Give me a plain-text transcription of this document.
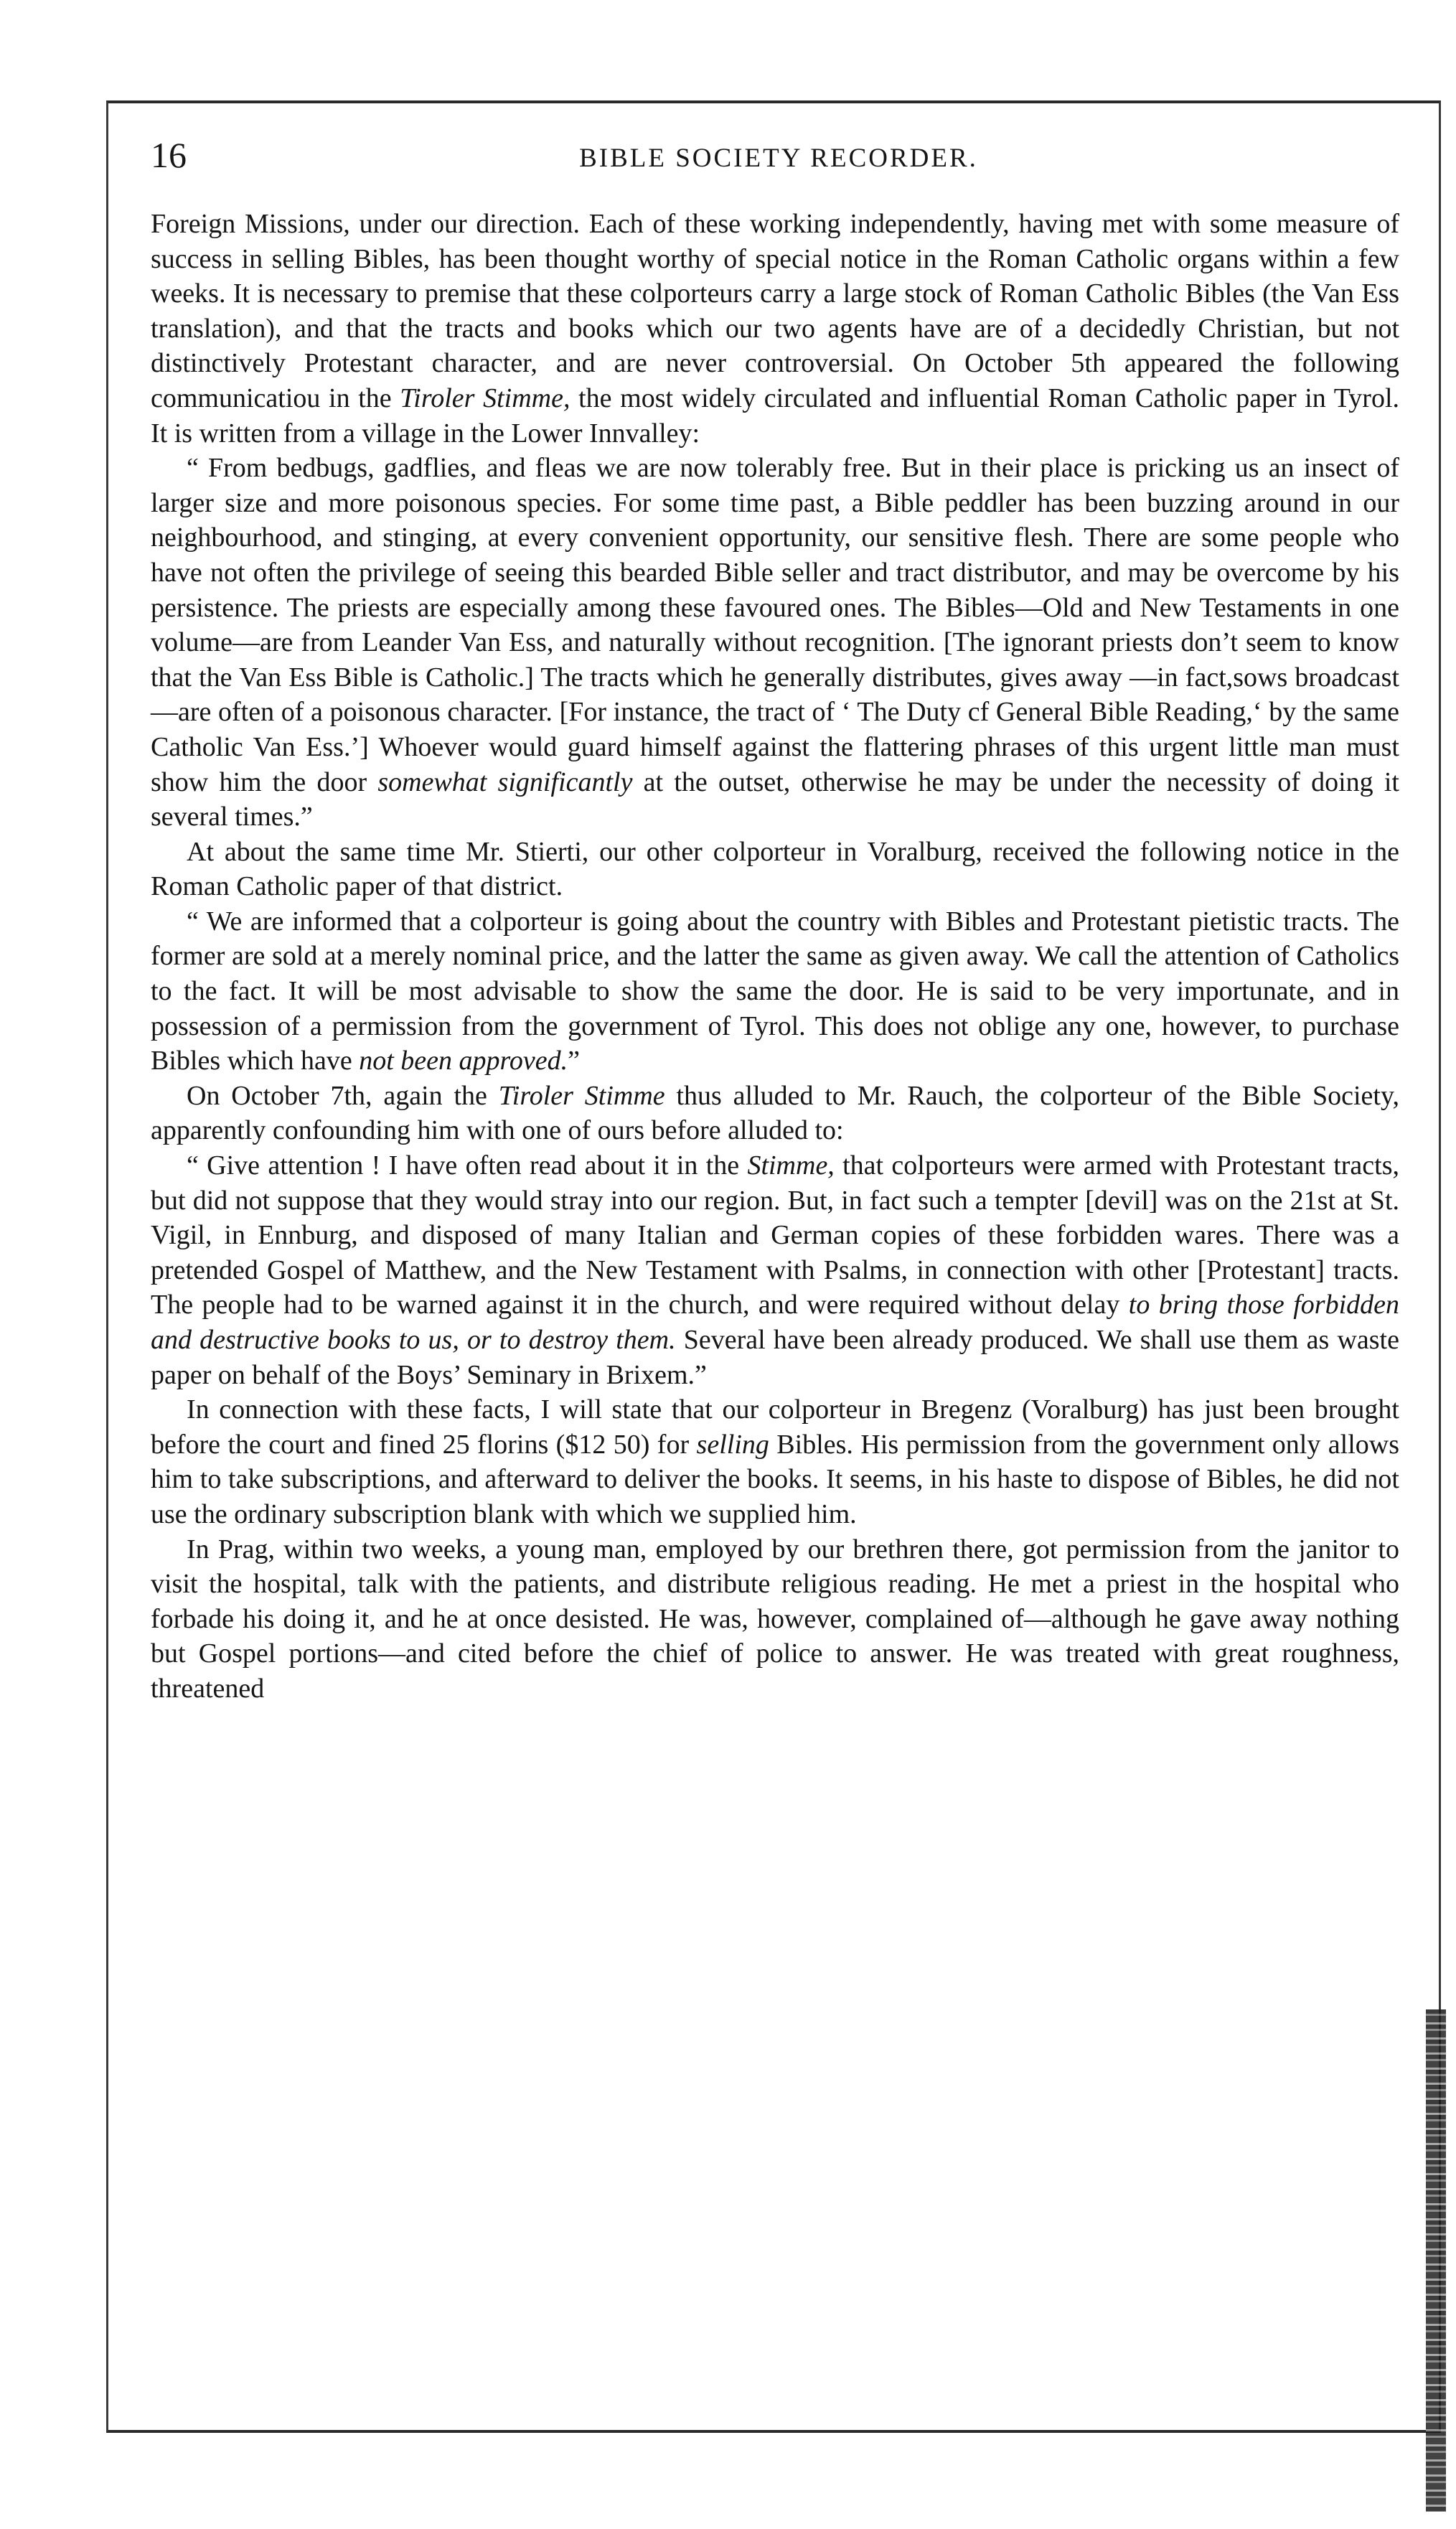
16	BIBLE SOCIETY RECORDER.

Foreign Missions, under our direction. Each of these working independently, having met with some measure of success in selling Bibles, has been thought worthy of special notice in the Roman Catholic organs within a few weeks. It is necessary to premise that these colporteurs carry a large stock of Roman Catholic Bibles (the Van Ess translation), and that the tracts and books which our two agents have are of a decidedly Christian, but not distinctively Protestant character, and are never controversial. On October 5th appeared the following communicatiou in the Tiroler Stimme, the most widely circulated and influential Roman Catholic paper in Tyrol. It is written from a village in the Lower Innvalley:

“ From bedbugs, gadflies, and fleas we are now tolerably free. But in their place is pricking us an insect of larger size and more poisonous species. For some time past, a Bible peddler has been buzzing around in our neighbourhood, and stinging, at every convenient opportunity, our sensitive flesh. There are some people who have not often the privilege of seeing this bearded Bible seller and tract distributor, and may be overcome by his persistence. The priests are especially among these favoured ones. The Bibles—Old and New Testaments in one volume—are from Leander Van Ess, and naturally without recognition. [The ignorant priests don’t seem to know that the Van Ess Bible is Catholic.] The tracts which he generally distributes, gives away —in fact,sows broadcast—are often of a poisonous character. [For instance, the tract of ‘ The Duty cf General Bible Reading,‘ by the same Catholic Van Ess.’] Whoever would guard himself against the flattering phrases of this urgent little man must show him the door somewhat significantly at the outset, otherwise he may be under the necessity of doing it several times.”

At about the same time Mr. Stierti, our other colporteur in Voralburg, received the following notice in the Roman Catholic paper of that district.

“ We are informed that a colporteur is going about the country with Bibles and Protestant pietistic tracts. The former are sold at a merely nominal price, and the latter the same as given away. We call the attention of Catholics to the fact. It will be most advisable to show the same the door. He is said to be very importunate, and in possession of a permission from the government of Tyrol. This does not oblige any one, however, to purchase Bibles which have not been approved.”

On October 7th, again the Tiroler Stimme thus alluded to Mr. Rauch, the colporteur of the Bible Society, apparently confounding him with one of ours before alluded to:

“ Give attention ! I have often read about it in the Stimme, that colporteurs were armed with Protestant tracts, but did not suppose that they would stray into our region. But, in fact such a tempter [devil] was on the 21st at St. Vigil, in Ennburg, and disposed of many Italian and German copies of these forbidden wares. There was a pretended Gospel of Matthew, and the New Testament with Psalms, in connection with other [Protestant] tracts. The people had to be warned against it in the church, and were required without delay to bring those forbidden and destructive books to us, or to destroy them. Several have been already produced. We shall use them as waste paper on behalf of the Boys’ Seminary in Brixem.”

In connection with these facts, I will state that our colporteur in Bregenz (Voralburg) has just been brought before the court and fined 25 florins ($12 50) for selling Bibles. His permission from the government only allows him to take subscriptions, and afterward to deliver the books. It seems, in his haste to dispose of Bibles, he did not use the ordinary subscription blank with which we supplied him.

In Prag, within two weeks, a young man, employed by our brethren there, got permission from the janitor to visit the hospital, talk with the patients, and distribute religious reading. He met a priest in the hospital who forbade his doing it, and he at once desisted. He was, however, complained of—although he gave away nothing but Gospel portions—and cited before the chief of police to answer. He was treated with great roughness, threatened
